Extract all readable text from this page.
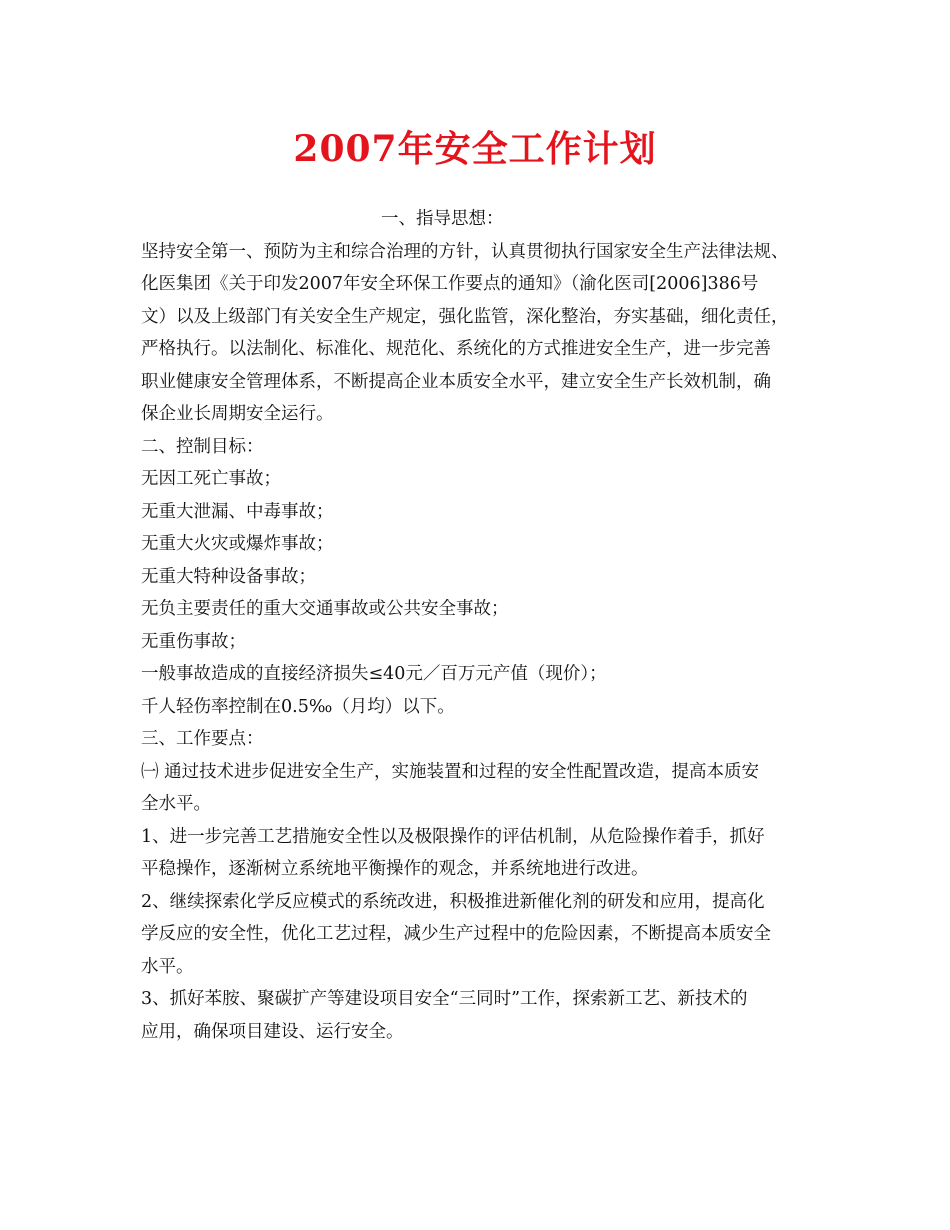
2007年安全工作计划
一、指导思想：
坚持安全第一、预防为主和综合治理的方针，认真贯彻执行国家安全生产法律法规、
化医集团《关于印发2007年安全环保工作要点的通知》（渝化医司[2006]386号
文）以及上级部门有关安全生产规定，强化监管，深化整治，夯实基础，细化责任，
严格执行。以法制化、标准化、规范化、系统化的方式推进安全生产，进一步完善
职业健康安全管理体系，不断提高企业本质安全水平，建立安全生产长效机制，确
保企业长周期安全运行。
二、控制目标：
无因工死亡事故；
无重大泄漏、中毒事故；
无重大火灾或爆炸事故；
无重大特种设备事故；
无负主要责任的重大交通事故或公共安全事故；
无重伤事故；
一般事故造成的直接经济损失≤40元／百万元产值（现价）；
千人轻伤率控制在0.5‰（月均）以下。
三、工作要点：
㈠ 通过技术进步促进安全生产，实施装置和过程的安全性配置改造，提高本质安
全水平。
1、进一步完善工艺措施安全性以及极限操作的评估机制，从危险操作着手，抓好
平稳操作，逐渐树立系统地平衡操作的观念，并系统地进行改进。
2、继续探索化学反应模式的系统改进，积极推进新催化剂的研发和应用，提高化
学反应的安全性，优化工艺过程，减少生产过程中的危险因素，不断提高本质安全
水平。
3、抓好苯胺、聚碳扩产等建设项目安全“三同时”工作，探索新工艺、新技术的
应用，确保项目建设、运行安全。
